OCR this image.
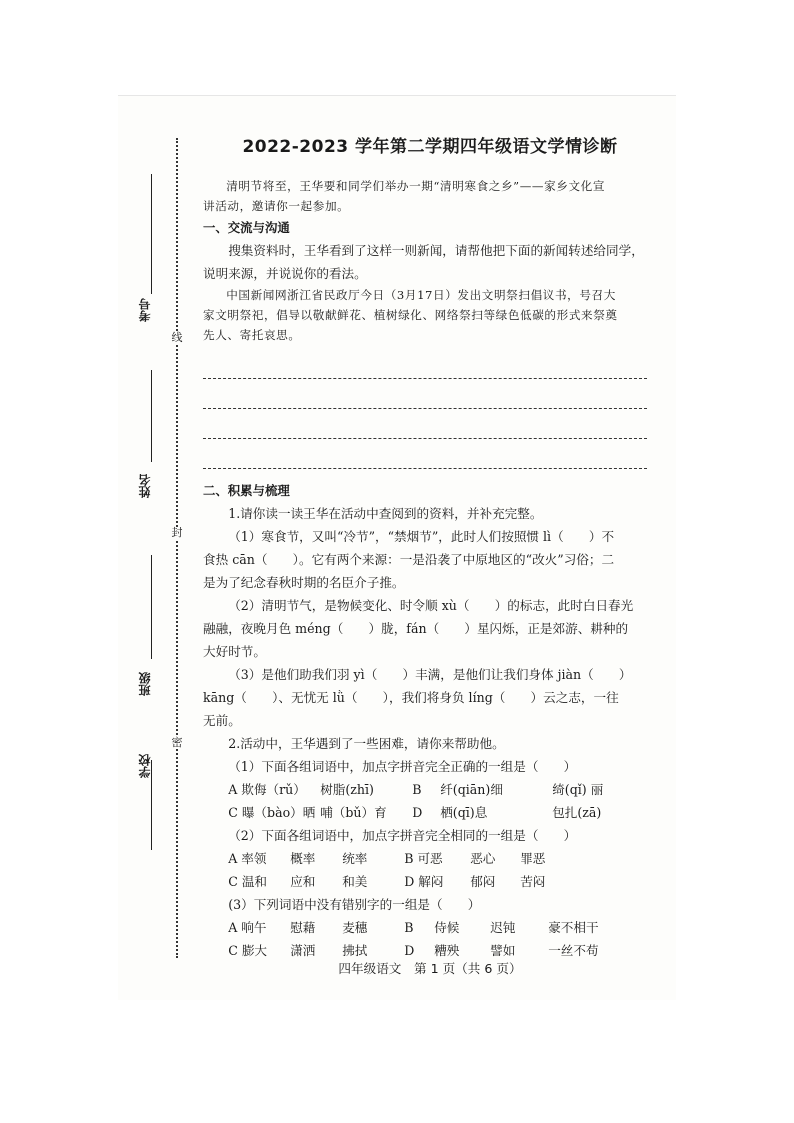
线
封
密
考号
姓名
班级
学校
2022-2023 学年第二学期四年级语文学情诊断

清明节将至，王华要和同学们举办一期“清明寒食之乡”——家乡文化宣

讲活动，邀请你一起参加。

一、交流与沟通

搜集资料时，王华看到了这样一则新闻，请帮他把下面的新闻转述给同学，

说明来源，并说说你的看法。

中国新闻网浙江省民政厅今日（3月17日）发出文明祭扫倡议书，号召大

家文明祭祀，倡导以敬献鲜花、植树绿化、网络祭扫等绿色低碳的形式来祭奠

先人、寄托哀思。

二、积累与梳理

1.请你读一读王华在活动中查阅到的资料，并补充完整。

（1）寒食节，又叫“冷节”，“禁烟节”，此时人们按照惯 lì（　　）不

食热 cān（　　）。它有两个来源：一是沿袭了中原地区的“改火”习俗；二

是为了纪念春秋时期的名臣介子推。

（2）清明节气，是物候变化、时令顺 xù（　　）的标志，此时白日春光

融融，夜晚月色 méng（　　）胧，fán（　　）星闪烁，正是郊游、耕种的

大好时节。

（3）是他们助我们羽 yì（　　）丰满，是他们让我们身体 jiàn（　　）

kāng（　　）、无忧无 lǜ（　　），我们将身负 líng（　　）云之志，一往

无前。

2.活动中，王华遇到了一些困难，请你来帮助他。

（1）下面各组词语中，加点字拼音完全正确的一组是（　　）

A 欺侮（rǔ）	树脂(zhī)	B	纤(qiān)细	绮(qǐ) 丽
C 曝（bào）晒 哺（bǔ）育	D	栖(qī)息	包扎(zā)

（2）下面各组词语中，加点字拼音完全相同的一组是（　　）

A 率领	概率	统率	B 可恶	恶心	罪恶
C 温和	应和	和美	D 解闷	郁闷	苦闷

(3）下列词语中没有错别字的一组是（　　）

A 响午	慰藉	麦穗	B	侍候	迟钝	豪不相干
C 膨大	潇洒	拂拭	D	糟殃	譬如	一丝不苟
四年级语文　第 1 页（共 6 页）
